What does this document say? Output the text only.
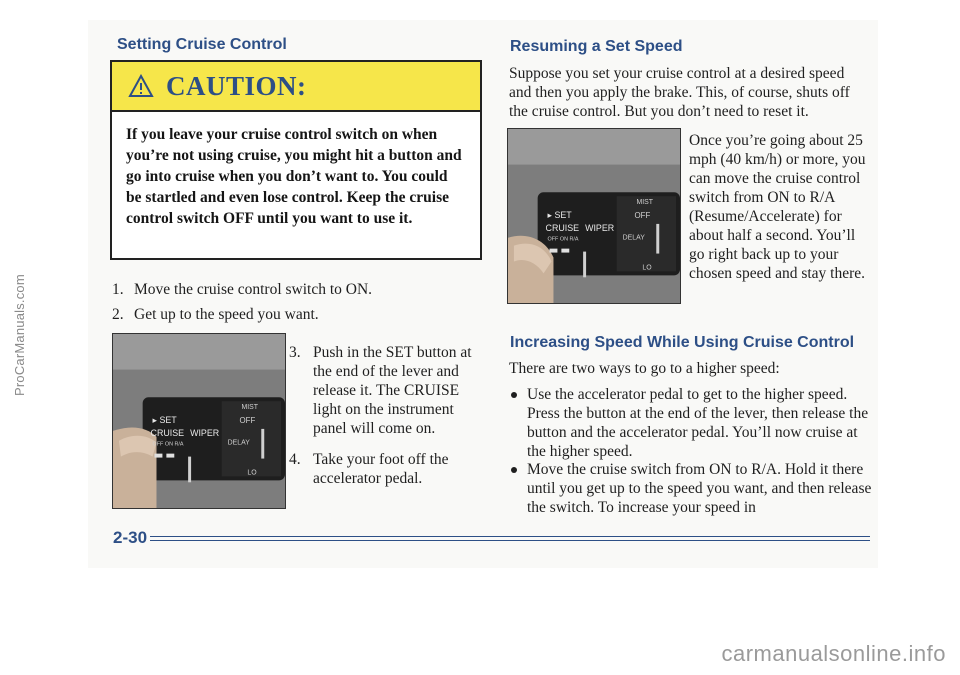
ProCarManuals.com
Setting Cruise Control
CAUTION:

If you leave your cruise control switch on when you’re not using cruise, you might hit a button and go into cruise when you don’t want to. You could be startled and even lose control. Keep the cruise control switch OFF until you want to use it.

1. Move the cruise control switch to ON.

2. Get up to the speed you want.

▸ SET
CRUISE WIPER
OFF ON R/A
MIST
OFF
DELAY
LO
3. Push in the SET button at the end of the lever and release it. The CRUISE light on the instrument panel will come on.

4. Take your foot off the accelerator pedal.

Resuming a Set Speed

Suppose you set your cruise control at a desired speed and then you apply the brake. This, of course, shuts off the cruise control. But you don’t need to reset it.

▸ SET
CRUISE WIPER
OFF ON R/A
MIST
OFF
DELAY
LO

Once you’re going about 25 mph (40 km/h) or more, you can move the cruise control switch from ON to R/A (Resume/Accelerate) for about half a second. You’ll go right back up to your chosen speed and stay there.

Increasing Speed While Using Cruise Control

There are two ways to go to a higher speed:

Use the accelerator pedal to get to the higher speed. Press the button at the end of the lever, then release the button and the accelerator pedal. You’ll now cruise at the higher speed.

Move the cruise switch from ON to R/A. Hold it there until you get up to the speed you want, and then release the switch. To increase your speed in

2-30
carmanualsonline.info
